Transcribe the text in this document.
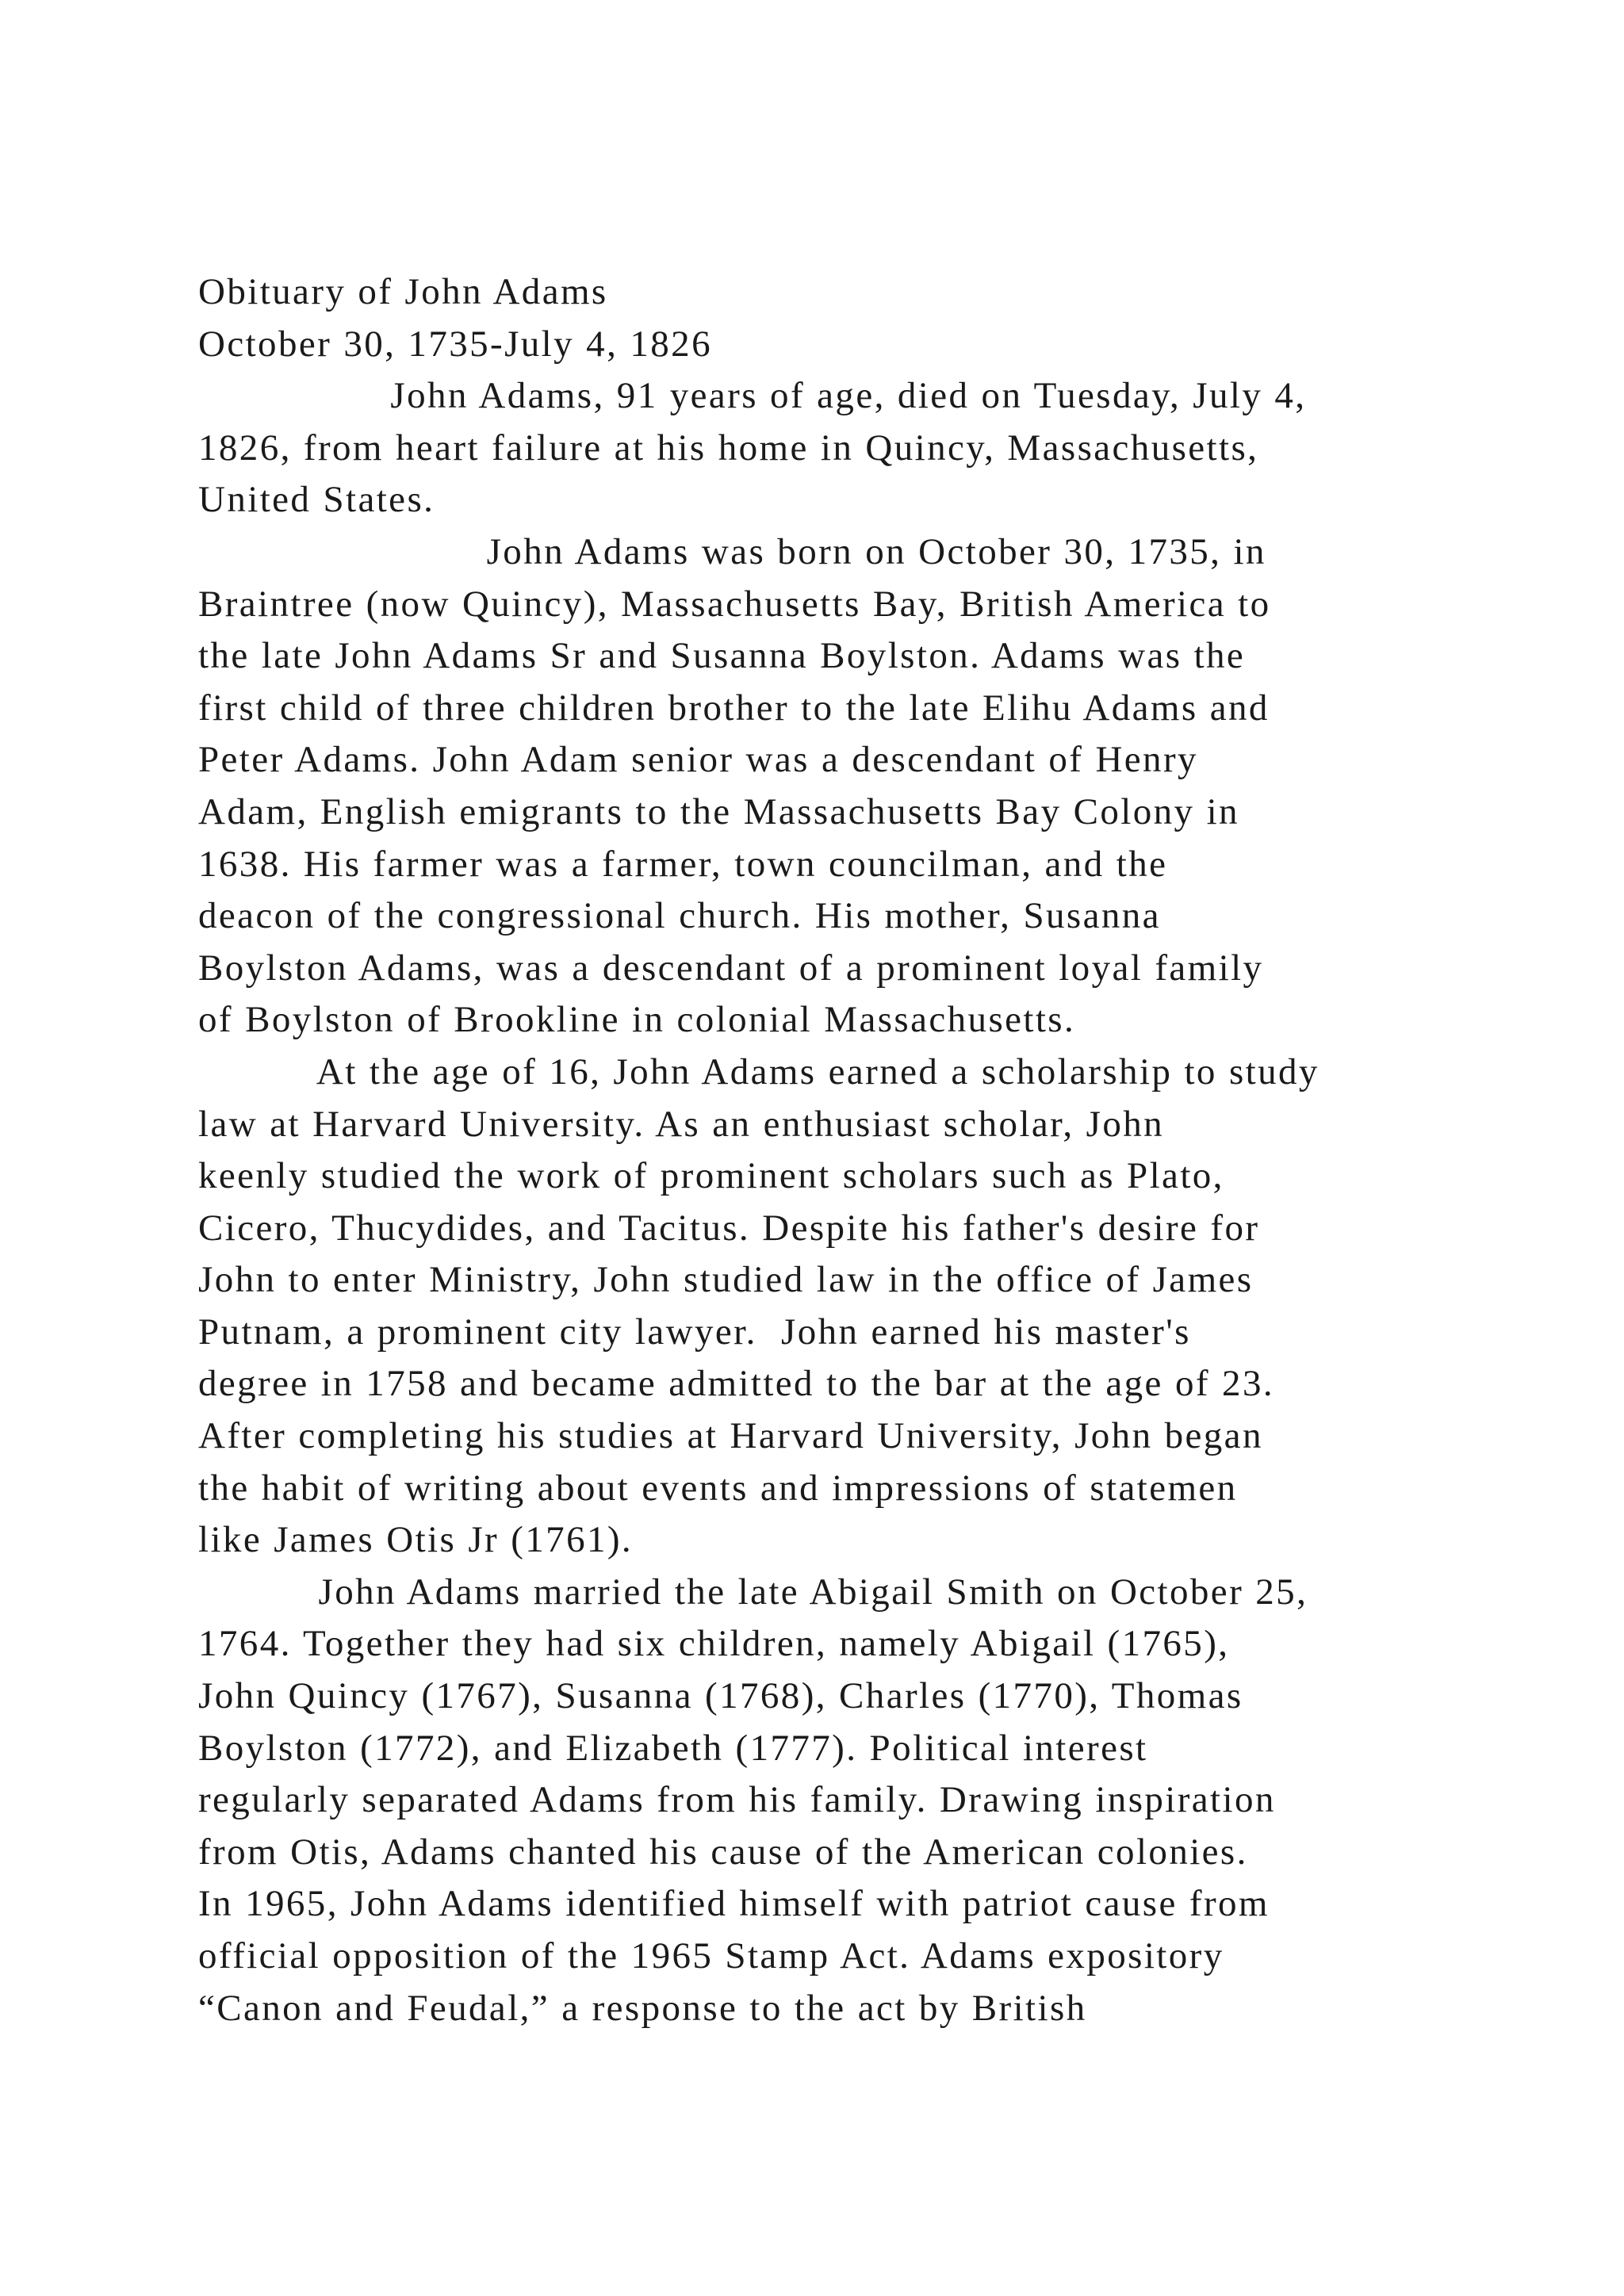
Obituary of John Adams
October 30, 1735-July 4, 1826
John Adams, 91 years of age, died on Tuesday, July 4,
1826, from heart failure at his home in Quincy, Massachusetts,
United States.
John Adams was born on October 30, 1735, in
Braintree (now Quincy), Massachusetts Bay, British America to
the late John Adams Sr and Susanna Boylston. Adams was the
first child of three children brother to the late Elihu Adams and
Peter Adams. John Adam senior was a descendant of Henry
Adam, English emigrants to the Massachusetts Bay Colony in
1638. His farmer was a farmer, town councilman, and the
deacon of the congressional church. His mother, Susanna
Boylston Adams, was a descendant of a prominent loyal family
of Boylston of Brookline in colonial Massachusetts.
At the age of 16, John Adams earned a scholarship to study
law at Harvard University. As an enthusiast scholar, John
keenly studied the work of prominent scholars such as Plato,
Cicero, Thucydides, and Tacitus. Despite his father's desire for
John to enter Ministry, John studied law in the office of James
Putnam, a prominent city lawyer.  John earned his master's
degree in 1758 and became admitted to the bar at the age of 23.
After completing his studies at Harvard University, John began
the habit of writing about events and impressions of statemen
like James Otis Jr (1761).
John Adams married the late Abigail Smith on October 25,
1764. Together they had six children, namely Abigail (1765),
John Quincy (1767), Susanna (1768), Charles (1770), Thomas
Boylston (1772), and Elizabeth (1777). Political interest
regularly separated Adams from his family. Drawing inspiration
from Otis, Adams chanted his cause of the American colonies.
In 1965, John Adams identified himself with patriot cause from
official opposition of the 1965 Stamp Act. Adams expository
“Canon and Feudal,” a response to the act by British
